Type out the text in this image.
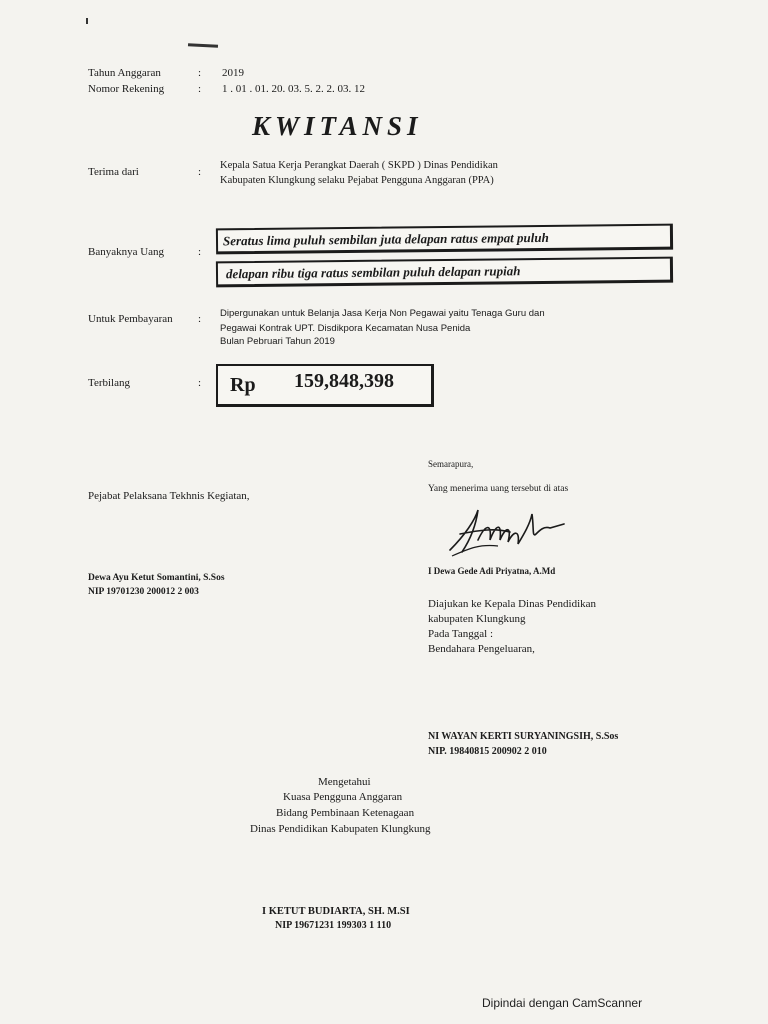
Tahun Anggaran	: 2019
Nomor Rekening	: 1 . 01 . 01. 20. 03. 5. 2. 2. 03. 12
KWITANSI
Terima dari	:
Kepala Satua Kerja Perangkat Daerah ( SKPD ) Dinas Pendidikan
Kabupaten Klungkung selaku Pejabat Pengguna Anggaran (PPA)
Banyaknya Uang	:
Seratus lima puluh sembilan juta delapan ratus empat puluh
delapan ribu tiga ratus sembilan puluh delapan rupiah
Untuk Pembayaran : Dipergunakan untuk Belanja Jasa Kerja Non Pegawai yaitu Tenaga Guru dan
Pegawai Kontrak UPT. Disdikpora Kecamatan Nusa Penida
Bulan Pebruari Tahun 2019
Terbilang	: Rp 159,848,398
Semarapura,
Yang menerima uang tersebut di atas
I Dewa Gede Adi Priyatna, A.Md
Diajukan ke Kepala Dinas Pendidikan
kabupaten Klungkung
Pada Tanggal :
Bendahara Pengeluaran,
NI WAYAN KERTI SURYANINGSIH, S.Sos
NIP. 19840815 200902 2 010
Pejabat Pelaksana Tekhnis Kegiatan,
Dewa Ayu Ketut Somantini, S.Sos
NIP 19701230 200012 2 003
Mengetahui
Kuasa Pengguna Anggaran
Bidang Pembinaan Ketenagaan
Dinas Pendidikan Kabupaten Klungkung
I KETUT BUDIARTA, SH. M.SI
NIP 19671231 199303 1 110
Dipindai dengan CamScanner
